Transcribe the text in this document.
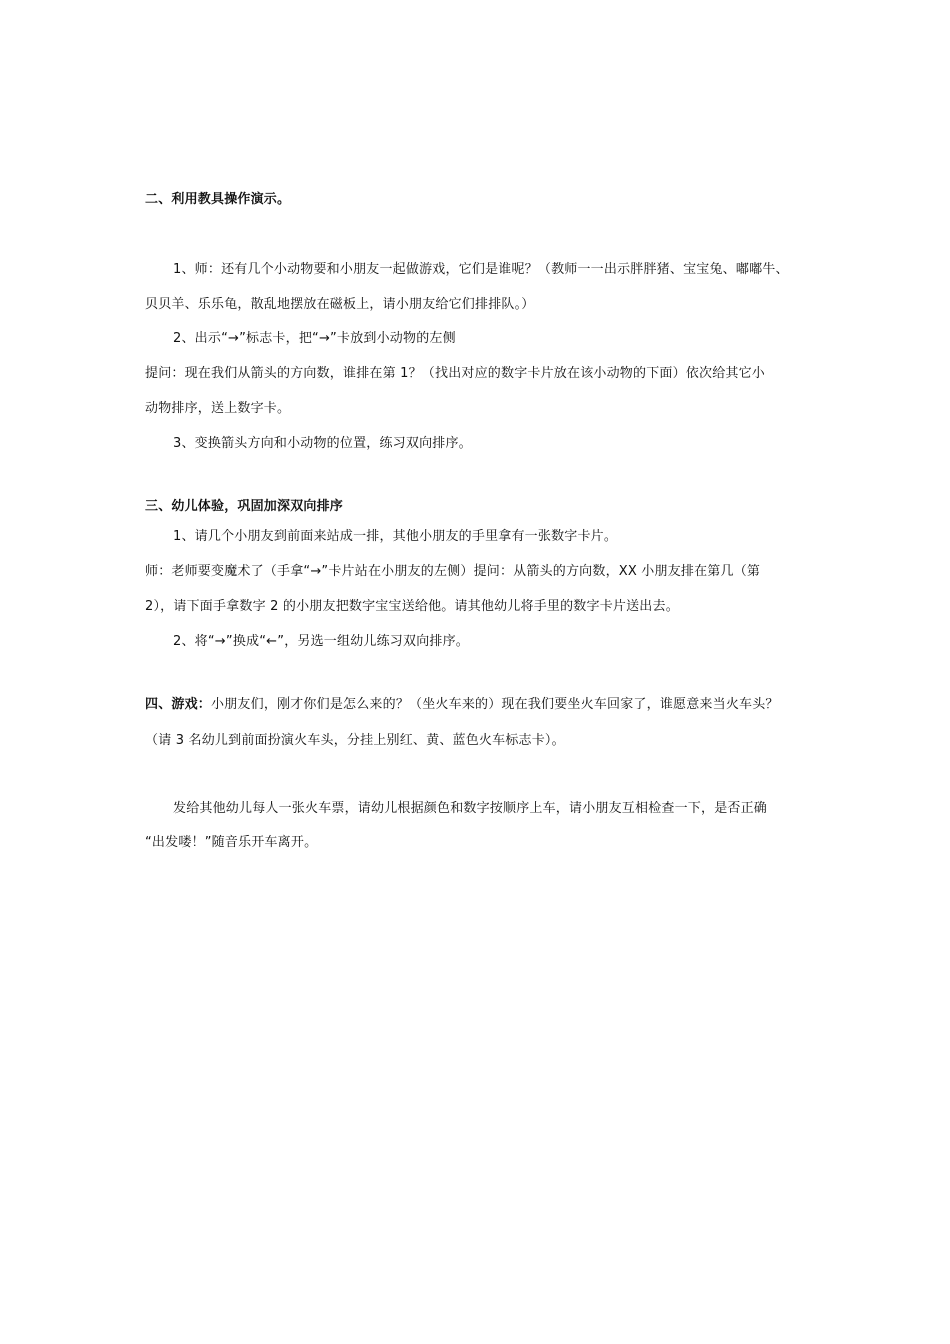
二、利用教具操作演示。
1、师：还有几个小动物要和小朋友一起做游戏，它们是谁呢？（教师一一出示胖胖猪、宝宝兔、嘟嘟牛、
贝贝羊、乐乐龟，散乱地摆放在磁板上，请小朋友给它们排排队。）
2、出示“→”标志卡，把“→”卡放到小动物的左侧
提问：现在我们从箭头的方向数，谁排在第 1？（找出对应的数字卡片放在该小动物的下面）依次给其它小
动物排序，送上数字卡。
3、变换箭头方向和小动物的位置，练习双向排序。
三、幼儿体验，巩固加深双向排序
1、请几个小朋友到前面来站成一排，其他小朋友的手里拿有一张数字卡片。
师：老师要变魔术了（手拿“→”卡片站在小朋友的左侧）提问：从箭头的方向数，XX 小朋友排在第几（第
2），请下面手拿数字 2 的小朋友把数字宝宝送给他。请其他幼儿将手里的数字卡片送出去。
2、将“→”换成“←”，另选一组幼儿练习双向排序。
四、游戏：小朋友们，刚才你们是怎么来的？（坐火车来的）现在我们要坐火车回家了，谁愿意来当火车头？
（请 3 名幼儿到前面扮演火车头，分挂上别红、黄、蓝色火车标志卡）。
发给其他幼儿每人一张火车票，请幼儿根据颜色和数字按顺序上车，请小朋友互相检查一下，是否正确
“出发喽！”随音乐开车离开。
